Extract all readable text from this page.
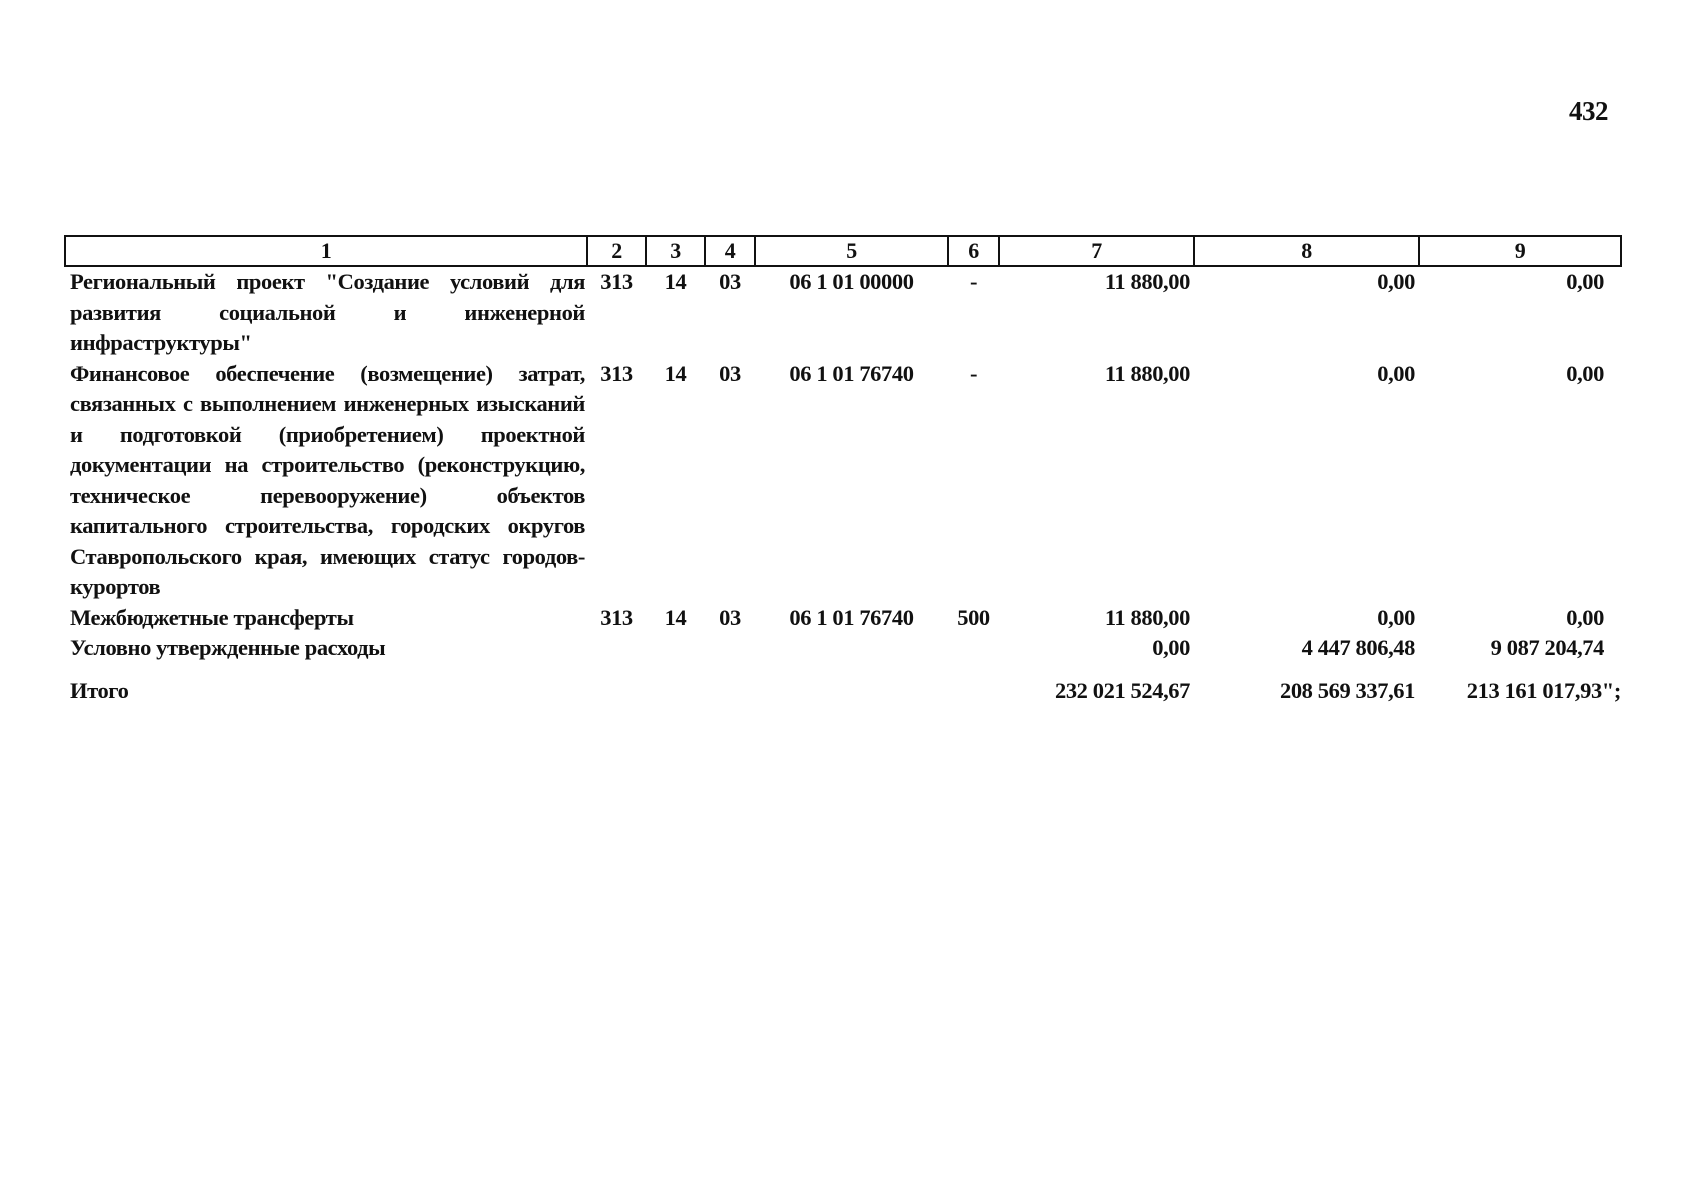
432
1	2	3	4	5	6	7	8	9
Региональный проект "Создание условий для развития социальной и инженерной инфраструктуры"	313	14	03	06 1 01 00000	-	11 880,00	0,00	0,00
Финансовое обеспечение (возмещение) затрат, связанных с выполнением инженерных изысканий и подготовкой (приобретением) проектной документации на строительство (реконструкцию, техническое перевооружение) объектов капитального строительства, городских округов Ставропольского края, имеющих статус городов-курортов	313	14	03	06 1 01 76740	-	11 880,00	0,00	0,00
Межбюджетные трансферты	313	14	03	06 1 01 76740	500	11 880,00	0,00	0,00
Условно утвержденные расходы						0,00	4 447 806,48	9 087 204,74
Итого						232 021 524,67	208 569 337,61	213 161 017,93";
